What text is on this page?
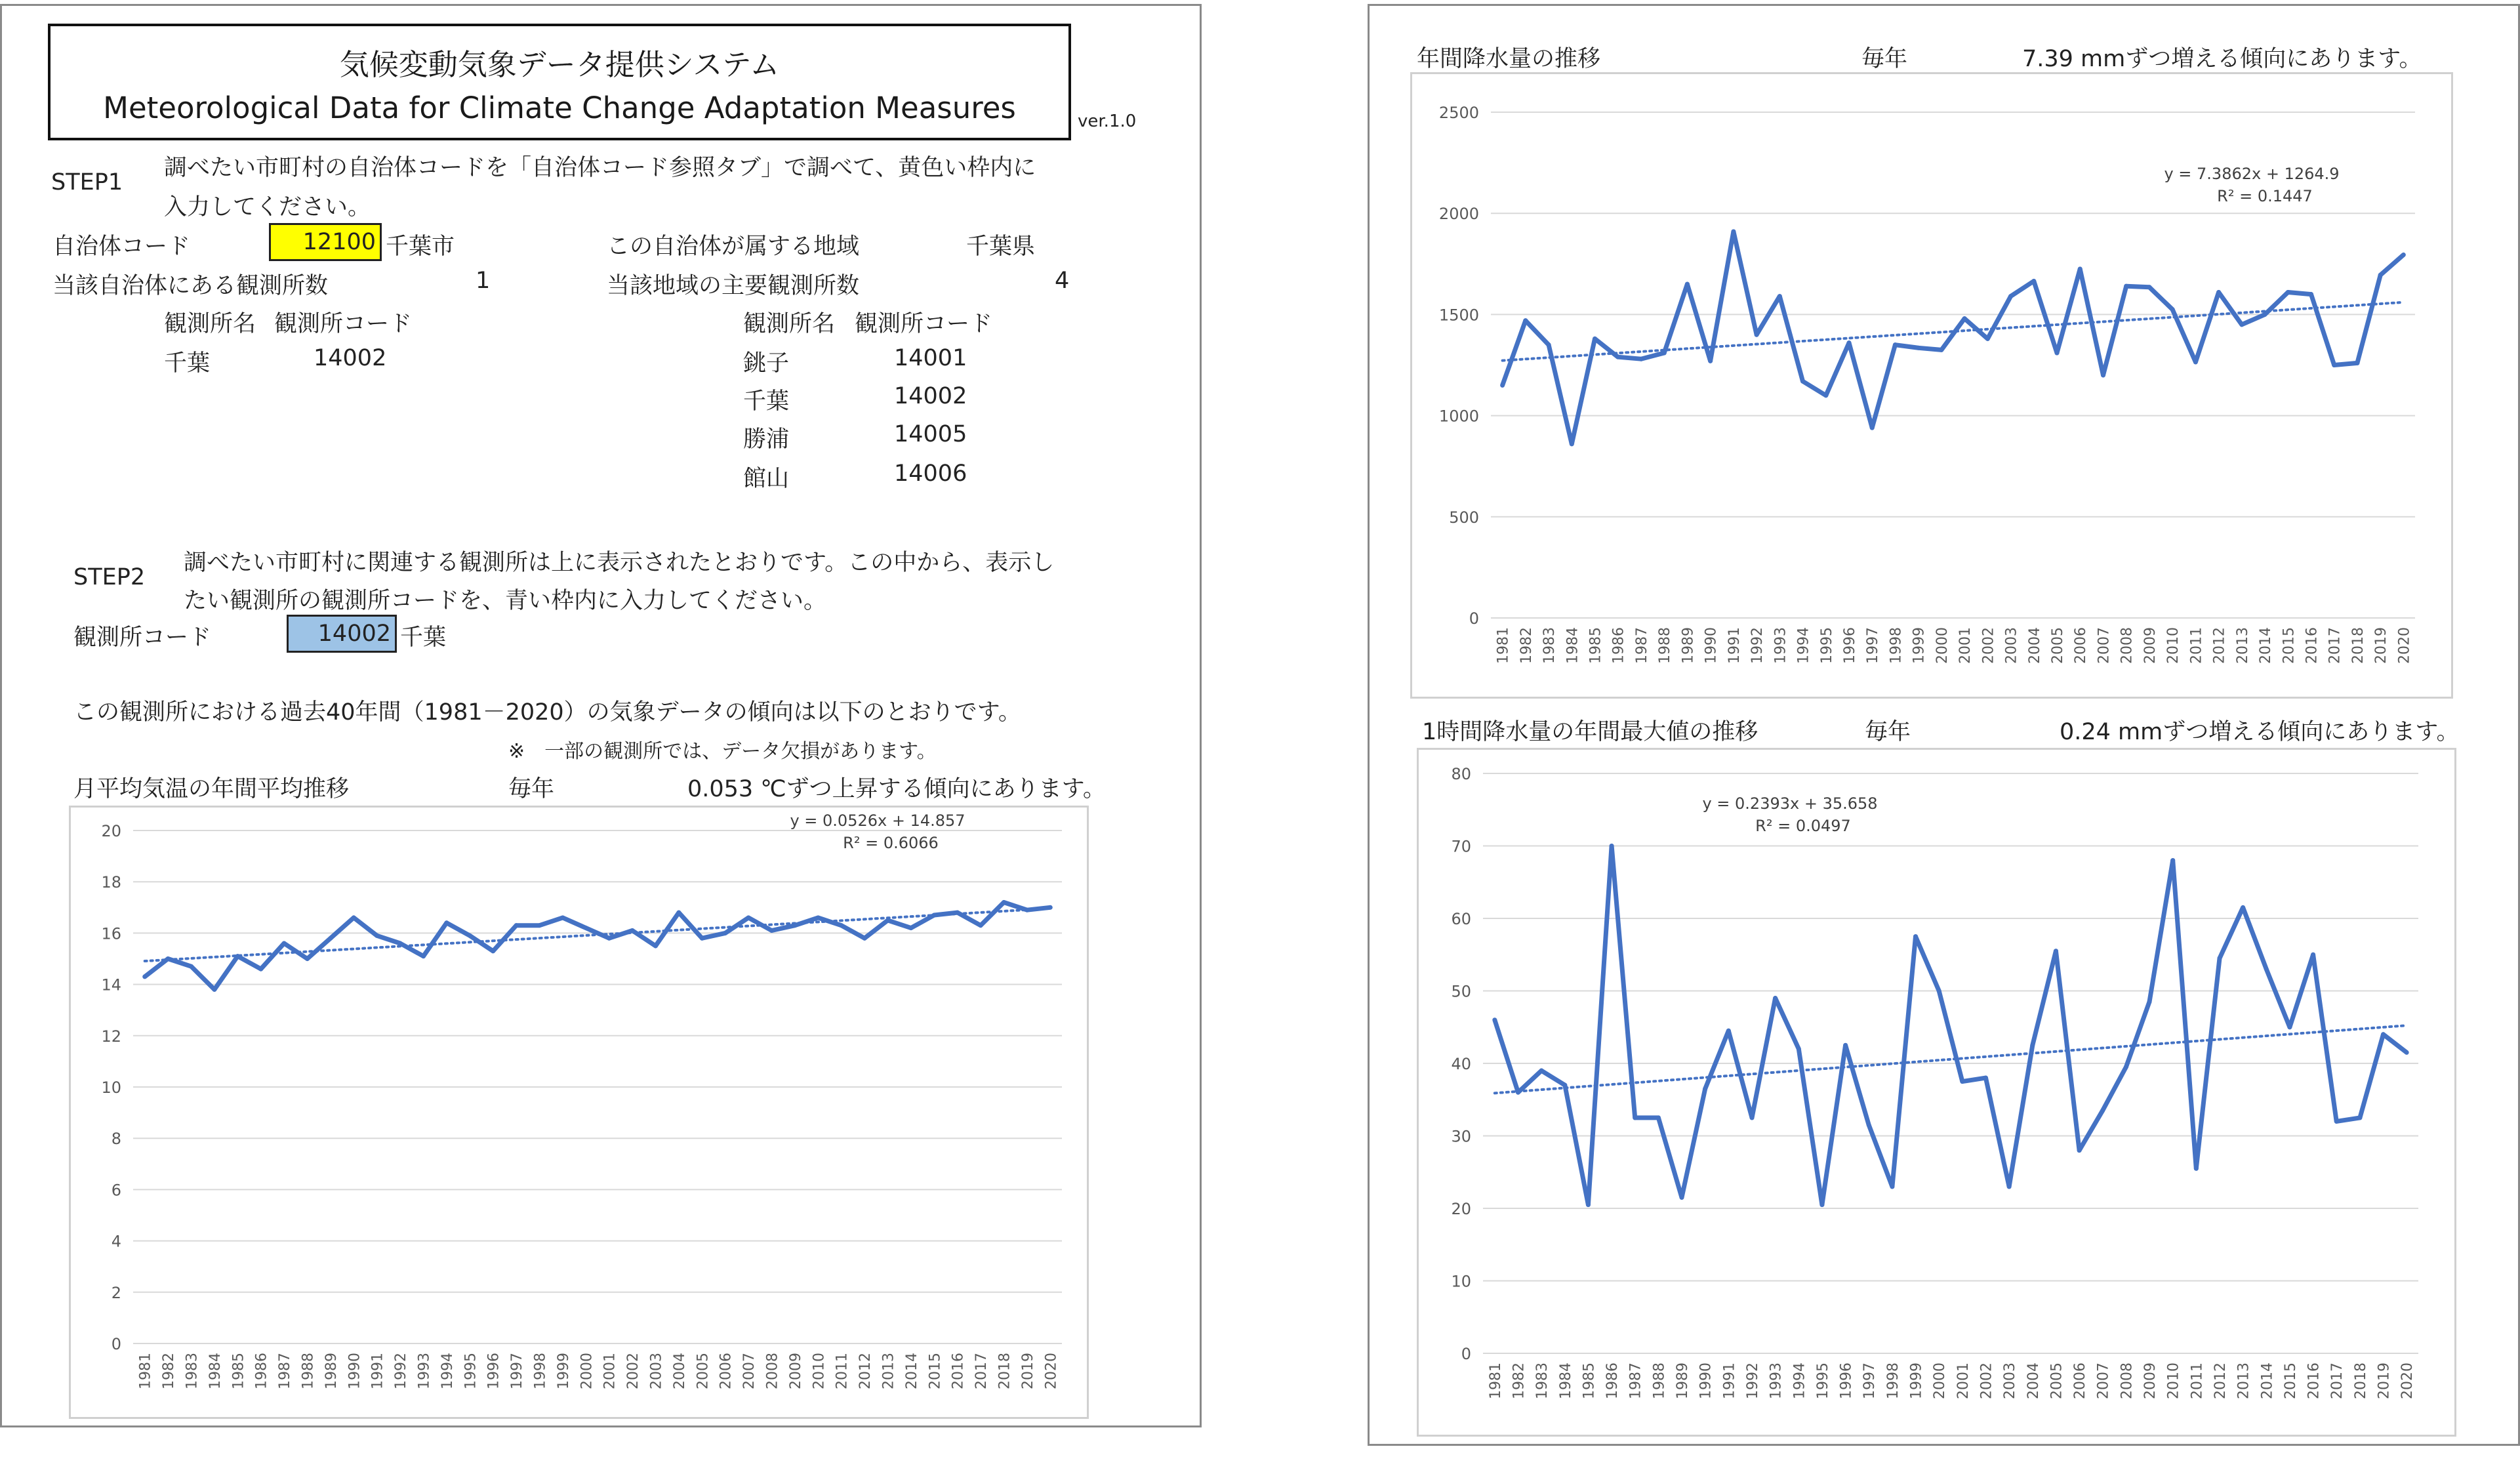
気候変動気象データ提供システム
Meteorological Data for Climate Change Adaptation Measures	ver.1.0
STEP1
調べたい市町村の自治体コードを「自治体コード参照タブ」で調べて、黄色い枠内に
入力してください。
自治体コード	12100 千葉市	この自治体が属する地域	千葉県
当該自治体にある観測所数	1	当該地域の主要観測所数	4
観測所名 観測所コード
千葉	14002
観測所名 観測所コード
銚子	14001
千葉	14002
勝浦	14005
館山	14006
STEP2
調べたい市町村に関連する観測所は上に表示されたとおりです。この中から、表示し
たい観測所の観測所コードを、青い枠内に入力してください。
観測所コード	14002 千葉
この観測所における過去40年間（1981－2020）の気象データの傾向は以下のとおりです。
※　一部の観測所では、データ欠損があります。
月平均気温の年間平均推移	毎年	0.053 ℃ずつ上昇する傾向にあります。
0
2
4
6
8
10
12
14
16
18
20
1981 1982 1983 1984 1985 1986 1987 1988 1989 1990 1991 1992 1993 1994 1995 1996 1997 1998 1999 2000 2001 2002 2003 2004 2005 2006 2007 2008 2009 2010 2011 2012 2013 2014 2015 2016 2017 2018 2019 2020
y = 0.0526x + 14.857
R² = 0.6066
年間降水量の推移	毎年	7.39 mmずつ増える傾向にあります。
0
500
1000
1500
2000
2500
1981 1982 1983 1984 1985 1986 1987 1988 1989 1990 1991 1992 1993 1994 1995 1996 1997 1998 1999 2000 2001 2002 2003 2004 2005 2006 2007 2008 2009 2010 2011 2012 2013 2014 2015 2016 2017 2018 2019 2020
y = 7.3862x + 1264.9
R² = 0.1447
1時間降水量の年間最大値の推移	毎年	0.24 mmずつ増える傾向にあります。
0
10
20
30
40
50
60
70
80
1981 1982 1983 1984 1985 1986 1987 1988 1989 1990 1991 1992 1993 1994 1995 1996 1997 1998 1999 2000 2001 2002 2003 2004 2005 2006 2007 2008 2009 2010 2011 2012 2013 2014 2015 2016 2017 2018 2019 2020
y = 0.2393x + 35.658
R² = 0.0497
